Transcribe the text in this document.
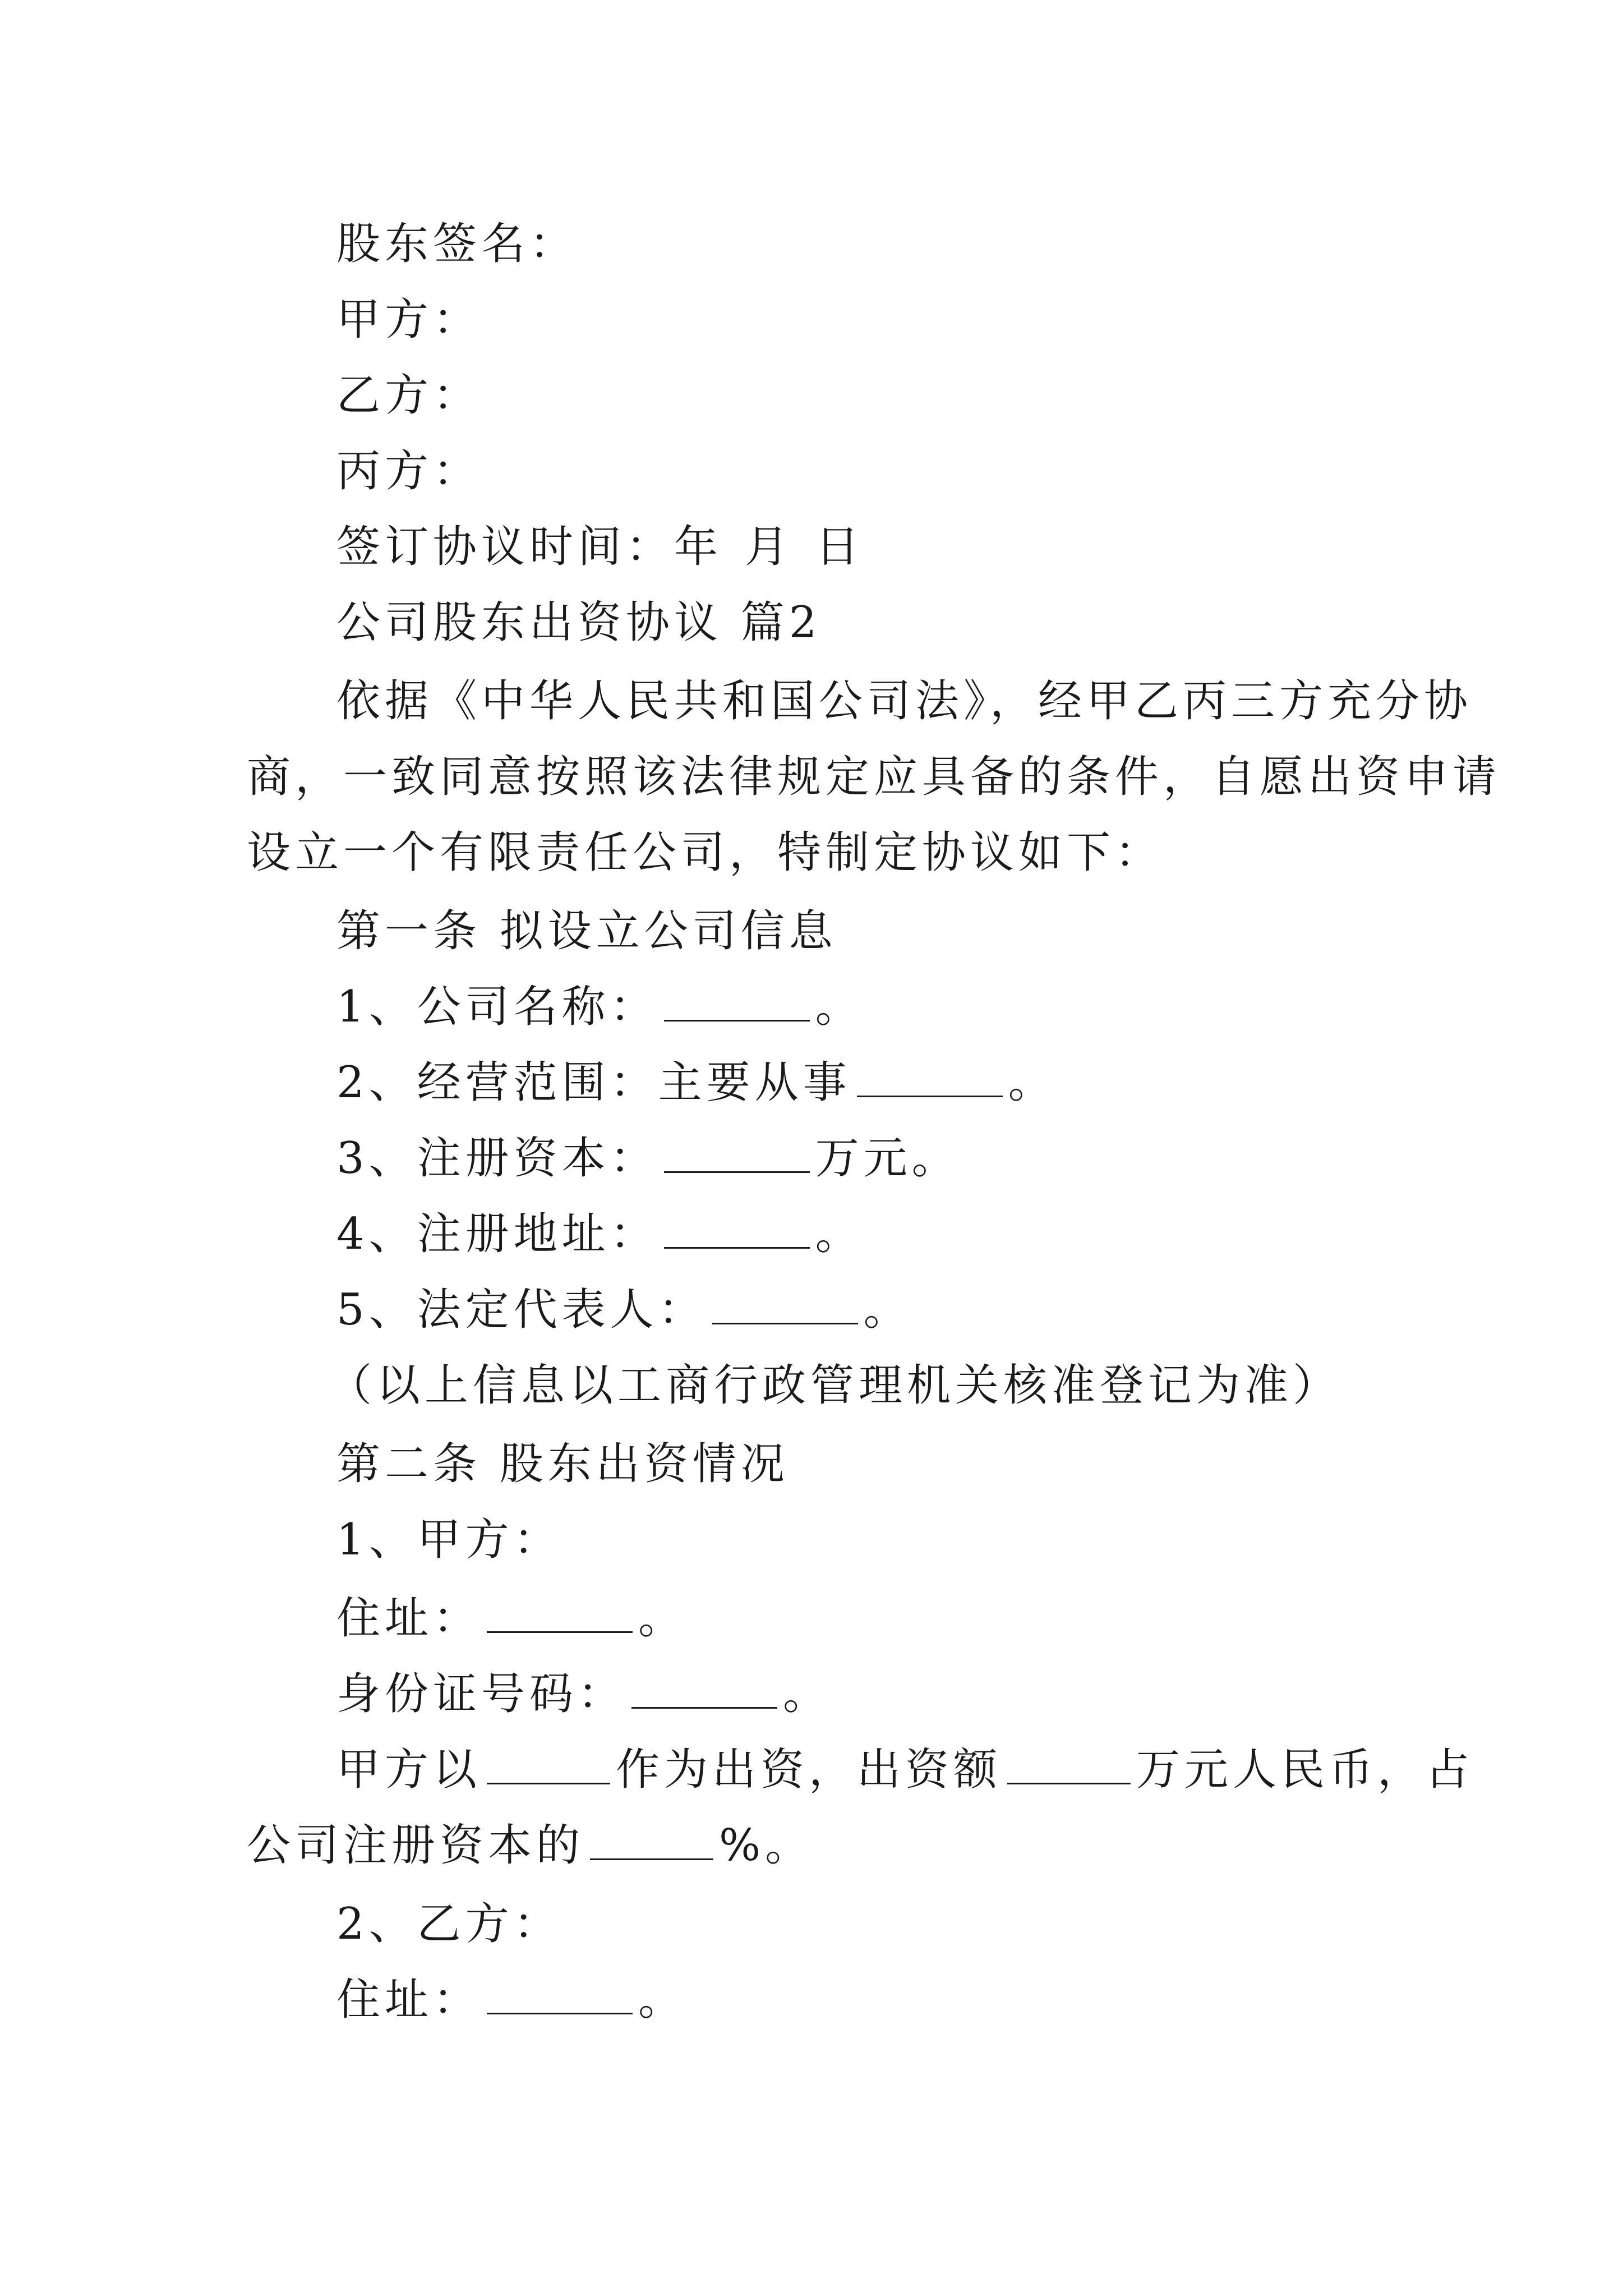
股东签名：
甲方：
乙方：
丙方：
签订协议时间：年 月 日
公司股东出资协议 篇2
依据《中华人民共和国公司法》，经甲乙丙三方充分协
商，一致同意按照该法律规定应具备的条件，自愿出资申请
设立一个有限责任公司，特制定协议如下：
第一条 拟设立公司信息
1、公司名称：	。
2、经营范围：主要从事	。
3、注册资本：	万元。
4、注册地址：	。
5、法定代表人：	。
（以上信息以工商行政管理机关核准登记为准）
第二条 股东出资情况
1、甲方：
住址：	。
身份证号码：	。
甲方以	作为出资，出资额	万元人民币，占
公司注册资本的	%。
2、乙方：
住址：	。
